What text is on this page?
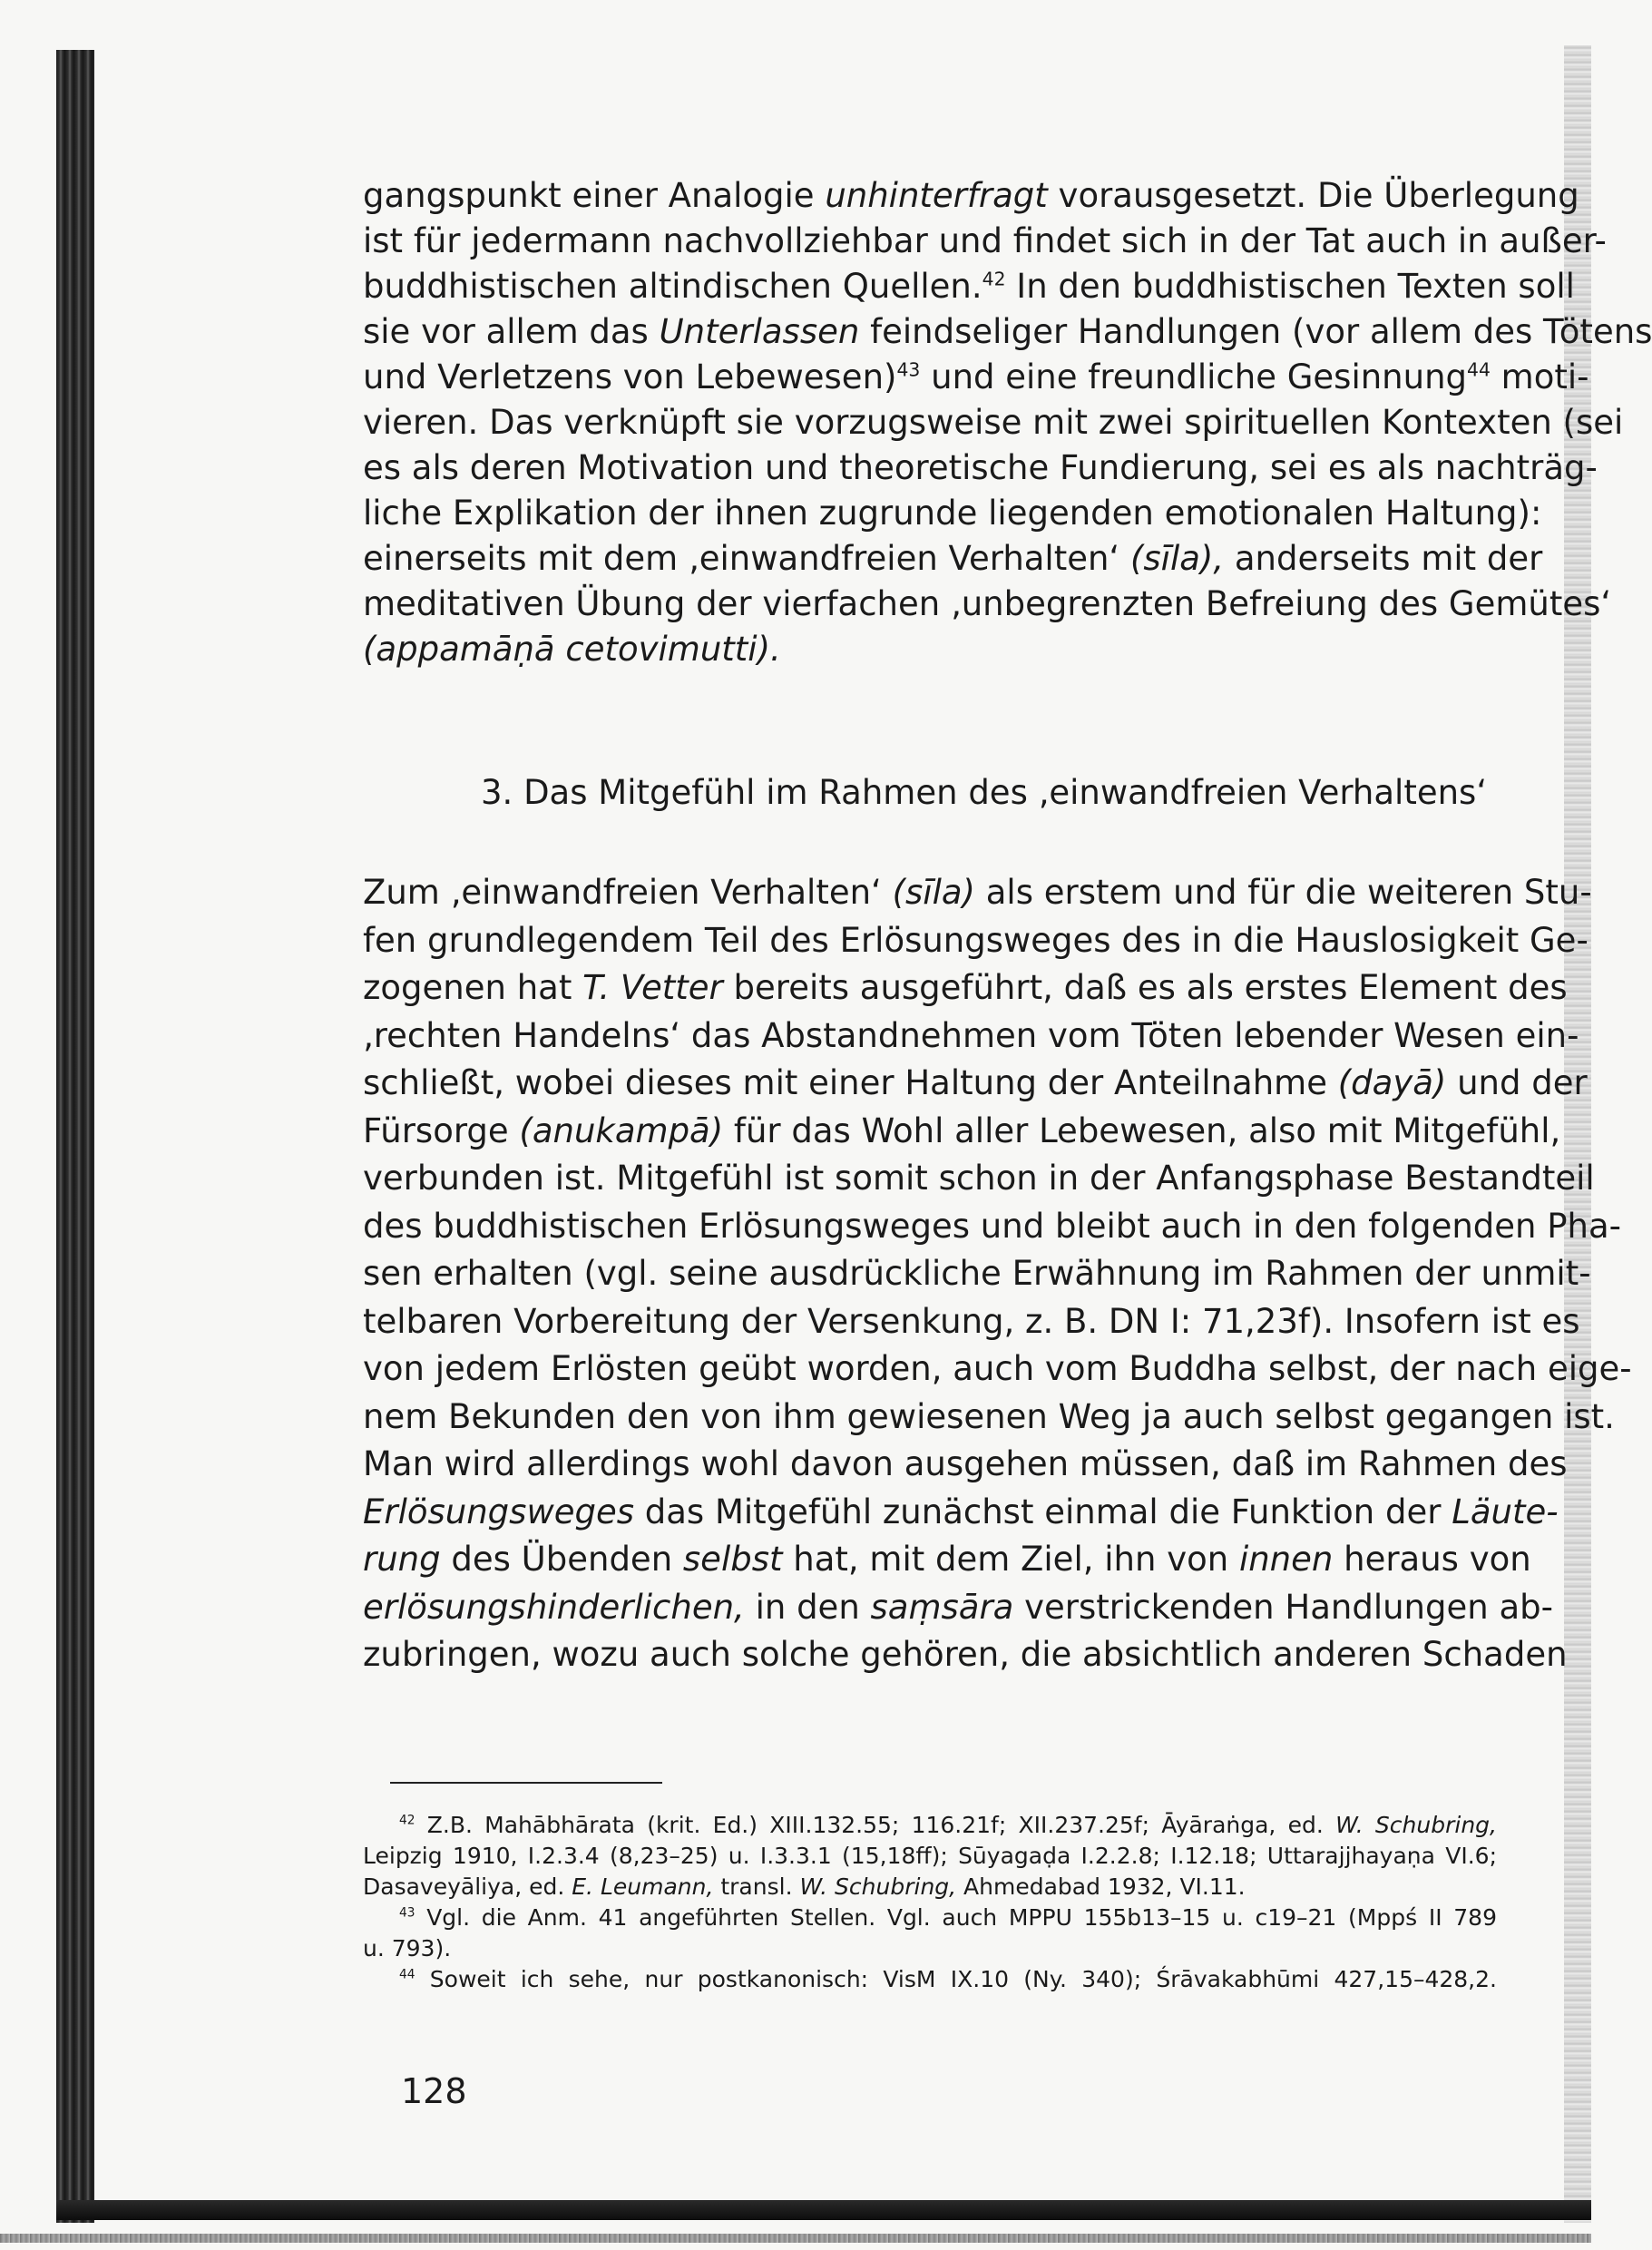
gangspunkt einer Analogie unhinterfragt vorausgesetzt. Die Überlegung
ist für jedermann nachvollziehbar und findet sich in der Tat auch in außer-
buddhistischen altindischen Quellen.$^{42}$ In den buddhistischen Texten soll
sie vor allem das Unterlassen feindseliger Handlungen (vor allem des Tötens
und Verletzens von Lebewesen)$^{43}$ und eine freundliche Gesinnung$^{44}$ moti-
vieren. Das verknüpft sie vorzugsweise mit zwei spirituellen Kontexten (sei
es als deren Motivation und theoretische Fundierung, sei es als nachträg-
liche Explikation der ihnen zugrunde liegenden emotionalen Haltung):
einerseits mit dem ‚einwandfreien Verhalten‘ (sīla), anderseits mit der
meditativen Übung der vierfachen ‚unbegrenzten Befreiung des Gemütes‘
(appamāṇā cetovimutti).
3. Das Mitgefühl im Rahmen des ‚einwandfreien Verhaltens‘
Zum ‚einwandfreien Verhalten‘ (sīla) als erstem und für die weiteren Stu-
fen grundlegendem Teil des Erlösungsweges des in die Hauslosigkeit Ge-
zogenen hat T. Vetter bereits ausgeführt, daß es als erstes Element des
‚rechten Handelns‘ das Abstandnehmen vom Töten lebender Wesen ein-
schließt, wobei dieses mit einer Haltung der Anteilnahme (dayā) und der
Fürsorge (anukampā) für das Wohl aller Lebewesen, also mit Mitgefühl,
verbunden ist. Mitgefühl ist somit schon in der Anfangsphase Bestandteil
des buddhistischen Erlösungsweges und bleibt auch in den folgenden Pha-
sen erhalten (vgl. seine ausdrückliche Erwähnung im Rahmen der unmit-
telbaren Vorbereitung der Versenkung, z. B. DN I: 71,23f). Insofern ist es
von jedem Erlösten geübt worden, auch vom Buddha selbst, der nach eige-
nem Bekunden den von ihm gewiesenen Weg ja auch selbst gegangen ist.
Man wird allerdings wohl davon ausgehen müssen, daß im Rahmen des
Erlösungsweges das Mitgefühl zunächst einmal die Funktion der Läute-
rung des Übenden selbst hat, mit dem Ziel, ihn von innen heraus von
erlösungshinderlichen, in den saṃsāra verstrickenden Handlungen ab-
zubringen, wozu auch solche gehören, die absichtlich anderen Schaden
$^{42}$ Z.B. Mahābhārata (krit. Ed.) XIII.132.55; 116.21f; XII.237.25f; Āyāraṅga, ed. W. Schubring,
Leipzig 1910, I.2.3.4 (8,23–25) u. I.3.3.1 (15,18ff); Sūyagaḍa I.2.2.8; I.12.18; Uttarajjhayaṇa VI.6;
Dasaveyāliya, ed. E. Leumann, transl. W. Schubring, Ahmedabad 1932, VI.11.
$^{43}$ Vgl. die Anm. 41 angeführten Stellen. Vgl. auch MPPU 155b13–15 u. c19–21 (Mppś II 789
u. 793).
$^{44}$ Soweit ich sehe, nur postkanonisch: VisM IX.10 (Ny. 340); Śrāvakabhūmi 427,15–428,2.
128
